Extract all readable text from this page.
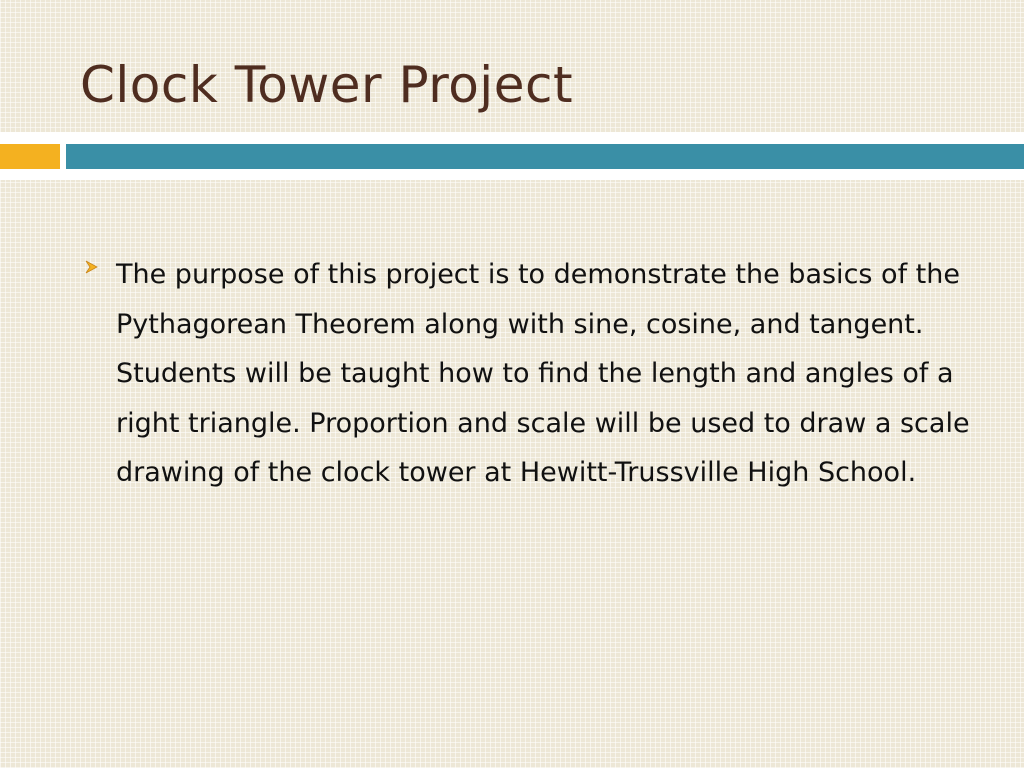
Clock Tower Project

The purpose of this project is to demonstrate the basics of the Pythagorean Theorem along with sine, cosine, and tangent. Students will be taught how to find the length and angles of a right triangle. Proportion and scale will be used to draw a scale drawing of the clock tower at Hewitt-Trussville High School.
